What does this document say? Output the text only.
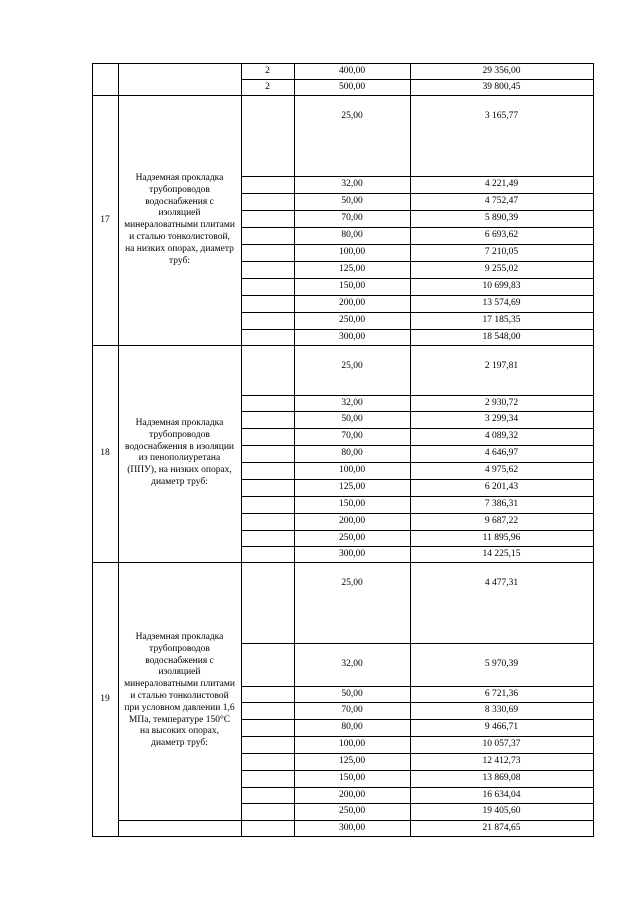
2	400,00	29 356,00
2	500,00	39 800,45
17
Надземная прокладка трубопроводов водоснабжения с изоляцией минераловатными плитами и сталью тонколистовой, на низких опорах, диаметр труб:
25,00	3 165,77
32,00	4 221,49
50,00	4 752,47
70,00	5 890,39
80,00	6 693,62
100,00	7 210,05
125,00	9 255,02
150,00	10 699,83
200,00	13 574,69
250,00	17 185,35
300,00	18 548,00
18
Надземная прокладка трубопроводов водоснабжения в изоляции из пенополиуретана (ППУ), на низких опорах, диаметр труб:
25,00	2 197,81
32,00	2 930,72
50,00	3 299,34
70,00	4 089,32
80,00	4 646,97
100,00	4 975,62
125,00	6 201,43
150,00	7 386,31
200,00	9 687,22
250,00	11 895,96
300,00	14 225,15
19
Надземная прокладка трубопроводов водоснабжения с изоляцией минераловатными плитами и сталью тонколистовой при условном давлении 1,6 МПа, температуре 150°С на высоких опорах, диаметр труб:
25,00	4 477,31
32,00	5 970,39
50,00	6 721,36
70,00	8 330,69
80,00	9 466,71
100,00	10 057,37
125,00	12 412,73
150,00	13 869,08
200,00	16 634,04
250,00	19 405,60
300,00	21 874,65
